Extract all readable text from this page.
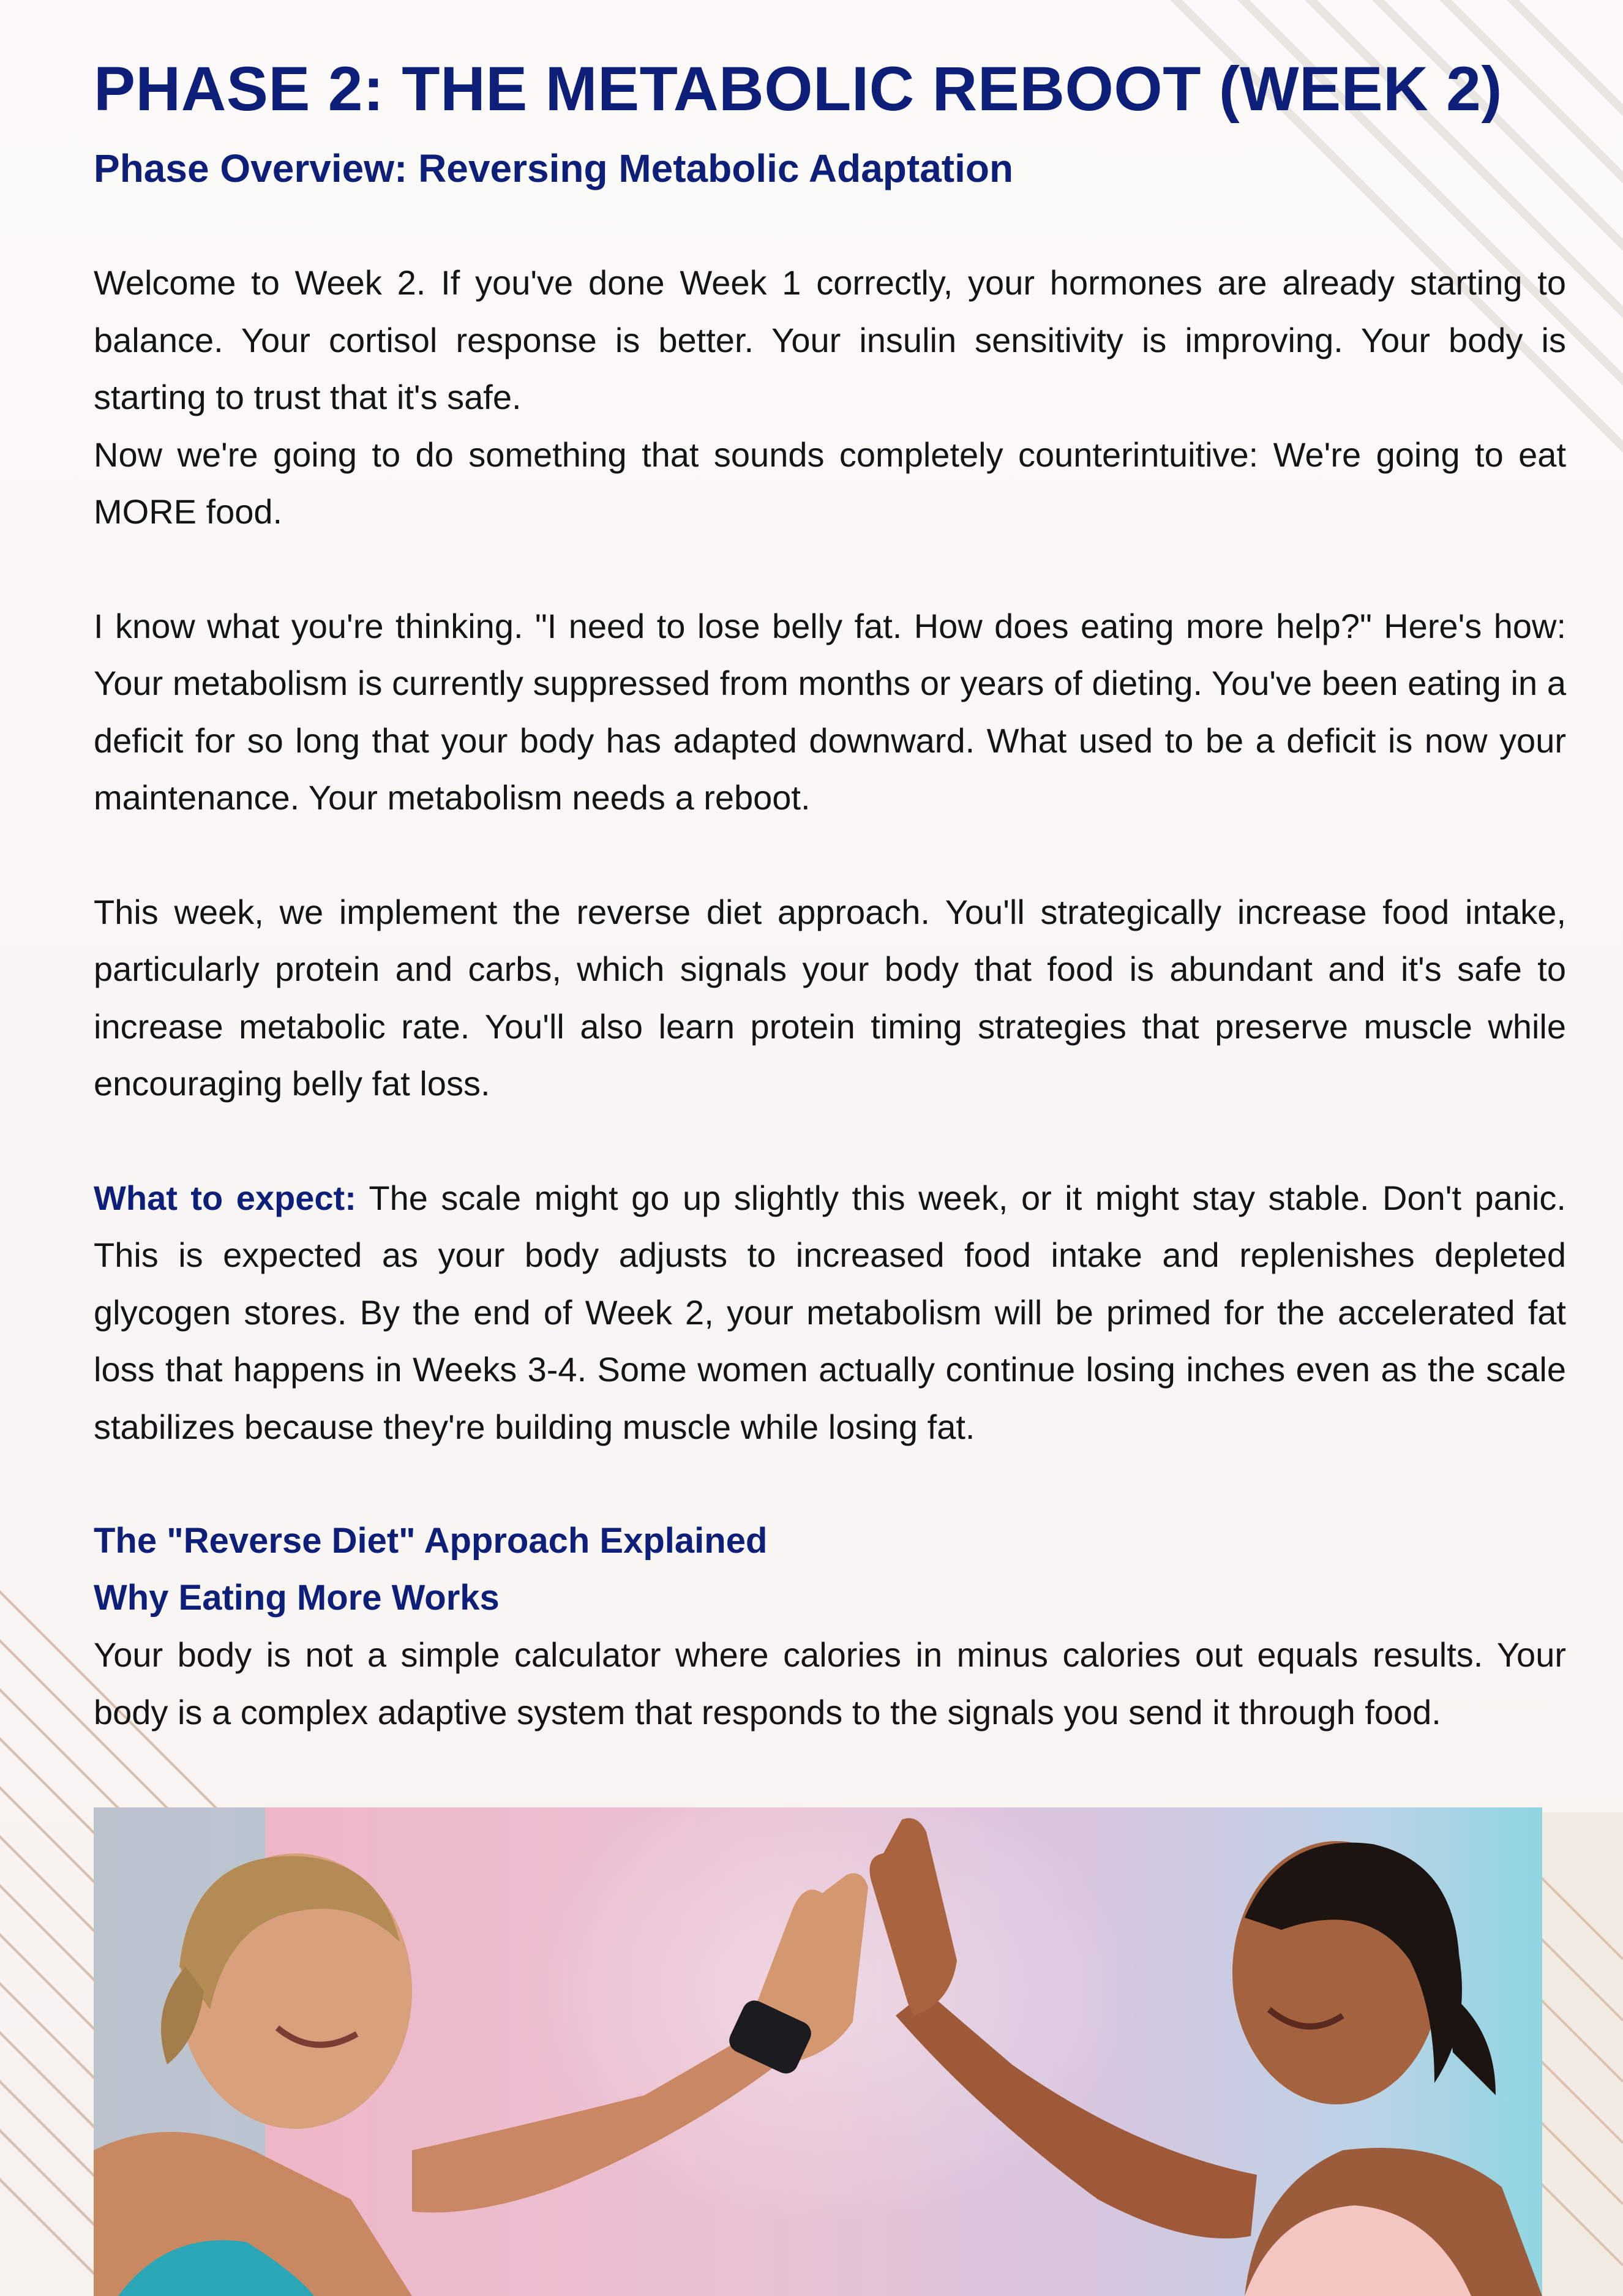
PHASE 2: THE METABOLIC REBOOT (WEEK 2)
Phase Overview: Reversing Metabolic Adaptation

Welcome to Week 2. If you've done Week 1 correctly, your hormones are already starting to balance. Your cortisol response is better. Your insulin sensitivity is improving. Your body is starting to trust that it's safe.

Now we're going to do something that sounds completely counterintuitive: We're going to eat MORE food.

I know what you're thinking. "I need to lose belly fat. How does eating more help?" Here's how: Your metabolism is currently suppressed from months or years of dieting. You've been eating in a deficit for so long that your body has adapted downward. What used to be a deficit is now your maintenance. Your metabolism needs a reboot.

This week, we implement the reverse diet approach. You'll strategically increase food intake, particularly protein and carbs, which signals your body that food is abundant and it's safe to increase metabolic rate. You'll also learn protein timing strategies that preserve muscle while encouraging belly fat loss.

What to expect: The scale might go up slightly this week, or it might stay stable. Don't panic. This is expected as your body adjusts to increased food intake and replenishes depleted glycogen stores. By the end of Week 2, your metabolism will be primed for the accelerated fat loss that happens in Weeks 3-4. Some women actually continue losing inches even as the scale stabilizes because they're building muscle while losing fat.

The "Reverse Diet" Approach Explained
Why Eating More Works

Your body is not a simple calculator where calories in minus calories out equals results. Your body is a complex adaptive system that responds to the signals you send it through food.
